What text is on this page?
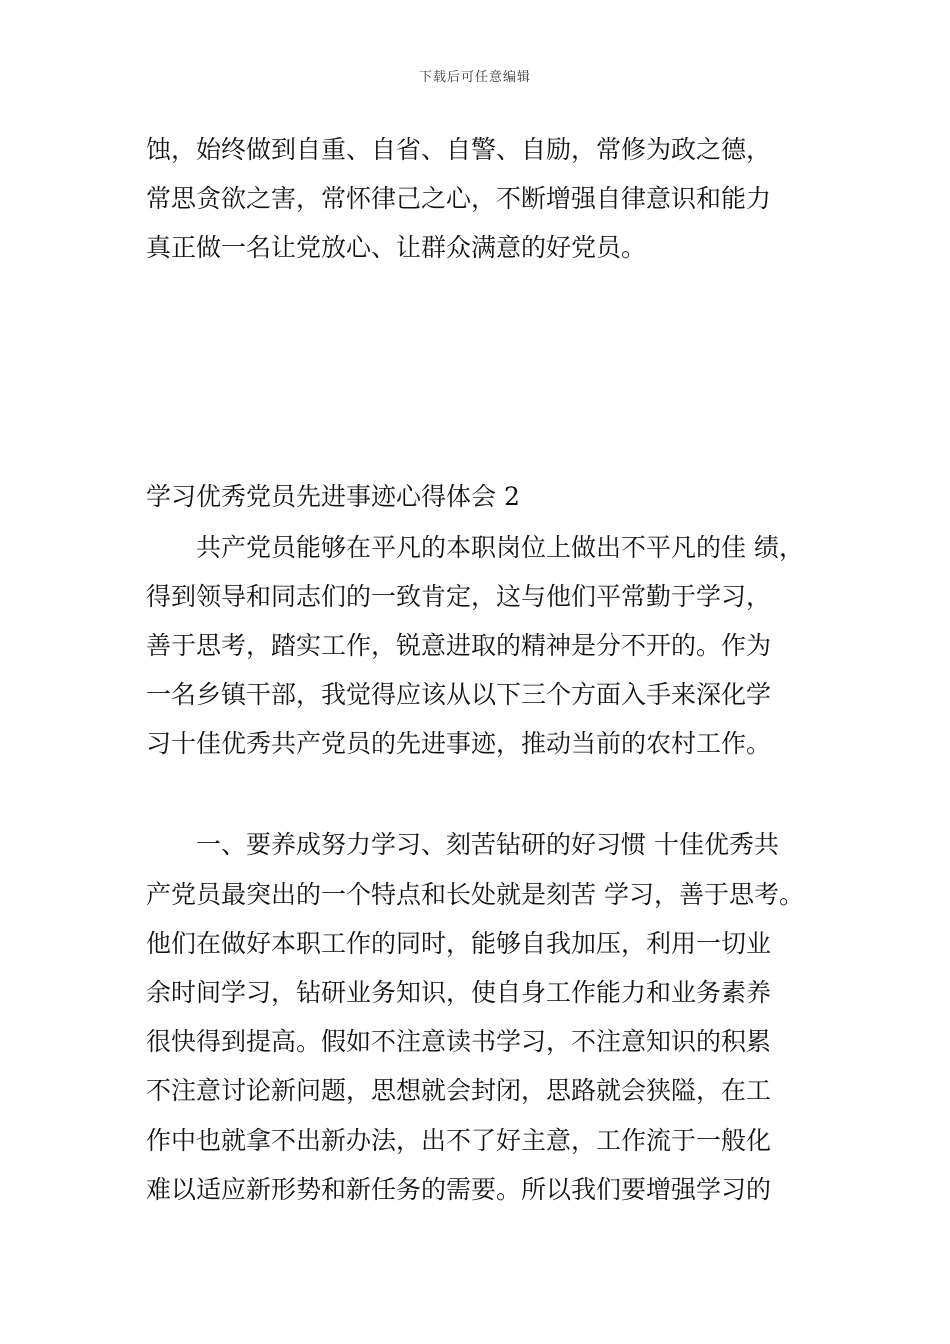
下载后可任意编辑
蚀，始终做到自重、自省、自警、自励，常修为政之德，
常思贪欲之害，常怀律己之心，不断增强自律意识和能力
真正做一名让党放心、让群众满意的好党员。
学习优秀党员先进事迹心得体会 2
共产党员能够在平凡的本职岗位上做出不平凡的佳 绩，
得到领导和同志们的一致肯定，这与他们平常勤于学习，
善于思考，踏实工作，锐意进取的精神是分不开的。作为
一名乡镇干部，我觉得应该从以下三个方面入手来深化学
习十佳优秀共产党员的先进事迹，推动当前的农村工作。
一、要养成努力学习、刻苦钻研的好习惯 十佳优秀共
产党员最突出的一个特点和长处就是刻苦 学习，善于思考。
他们在做好本职工作的同时，能够自我加压，利用一切业
余时间学习，钻研业务知识，使自身工作能力和业务素养
很快得到提高。假如不注意读书学习，不注意知识的积累
不注意讨论新问题，思想就会封闭，思路就会狭隘，在工
作中也就拿不出新办法，出不了好主意，工作流于一般化
难以适应新形势和新任务的需要。所以我们要增强学习的
